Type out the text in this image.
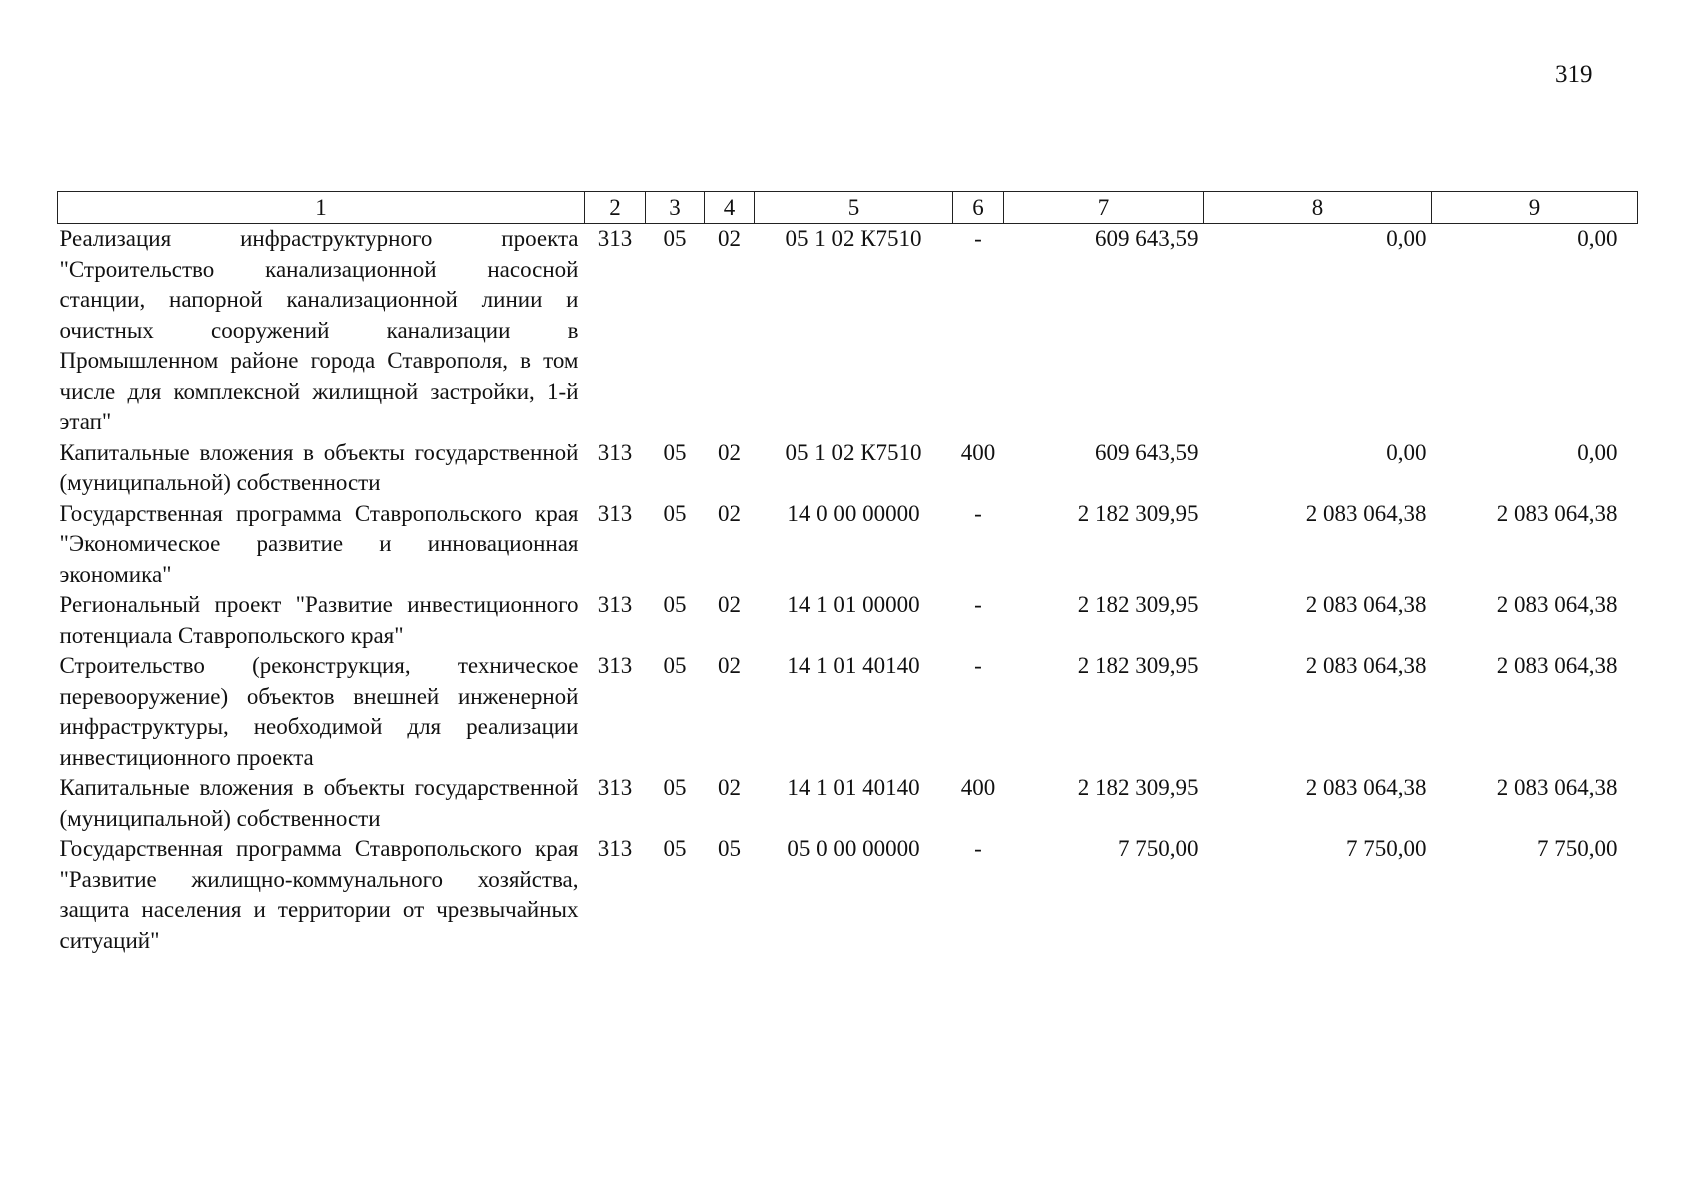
319
1	2	3	4	5	6	7	8	9
Реализация инфраструктурного проекта "Строительство канализационной насосной станции, напорной канализационной линии и очистных сооружений канализации в Промышленном районе города Ставрополя, в том числе для комплексной жилищной застройки, 1-й этап"	313	05	02	05 1 02 К7510	-	609 643,59	0,00	0,00
Капитальные вложения в объекты государственной (муниципальной) собственности	313	05	02	05 1 02 К7510	400	609 643,59	0,00	0,00
Государственная программа Ставропольского края "Экономическое развитие и инновационная экономика"	313	05	02	14 0 00 00000	-	2 182 309,95	2 083 064,38	2 083 064,38
Региональный проект "Развитие инвестиционного потенциала Ставропольского края"	313	05	02	14 1 01 00000	-	2 182 309,95	2 083 064,38	2 083 064,38
Строительство (реконструкция, техническое перевооружение) объектов внешней инженерной инфраструктуры, необходимой для реализации инвестиционного проекта	313	05	02	14 1 01 40140	-	2 182 309,95	2 083 064,38	2 083 064,38
Капитальные вложения в объекты государственной (муниципальной) собственности	313	05	02	14 1 01 40140	400	2 182 309,95	2 083 064,38	2 083 064,38
Государственная программа Ставропольского края "Развитие жилищно-коммунального хозяйства, защита населения и территории от чрезвычайных ситуаций"	313	05	05	05 0 00 00000	-	7 750,00	7 750,00	7 750,00
